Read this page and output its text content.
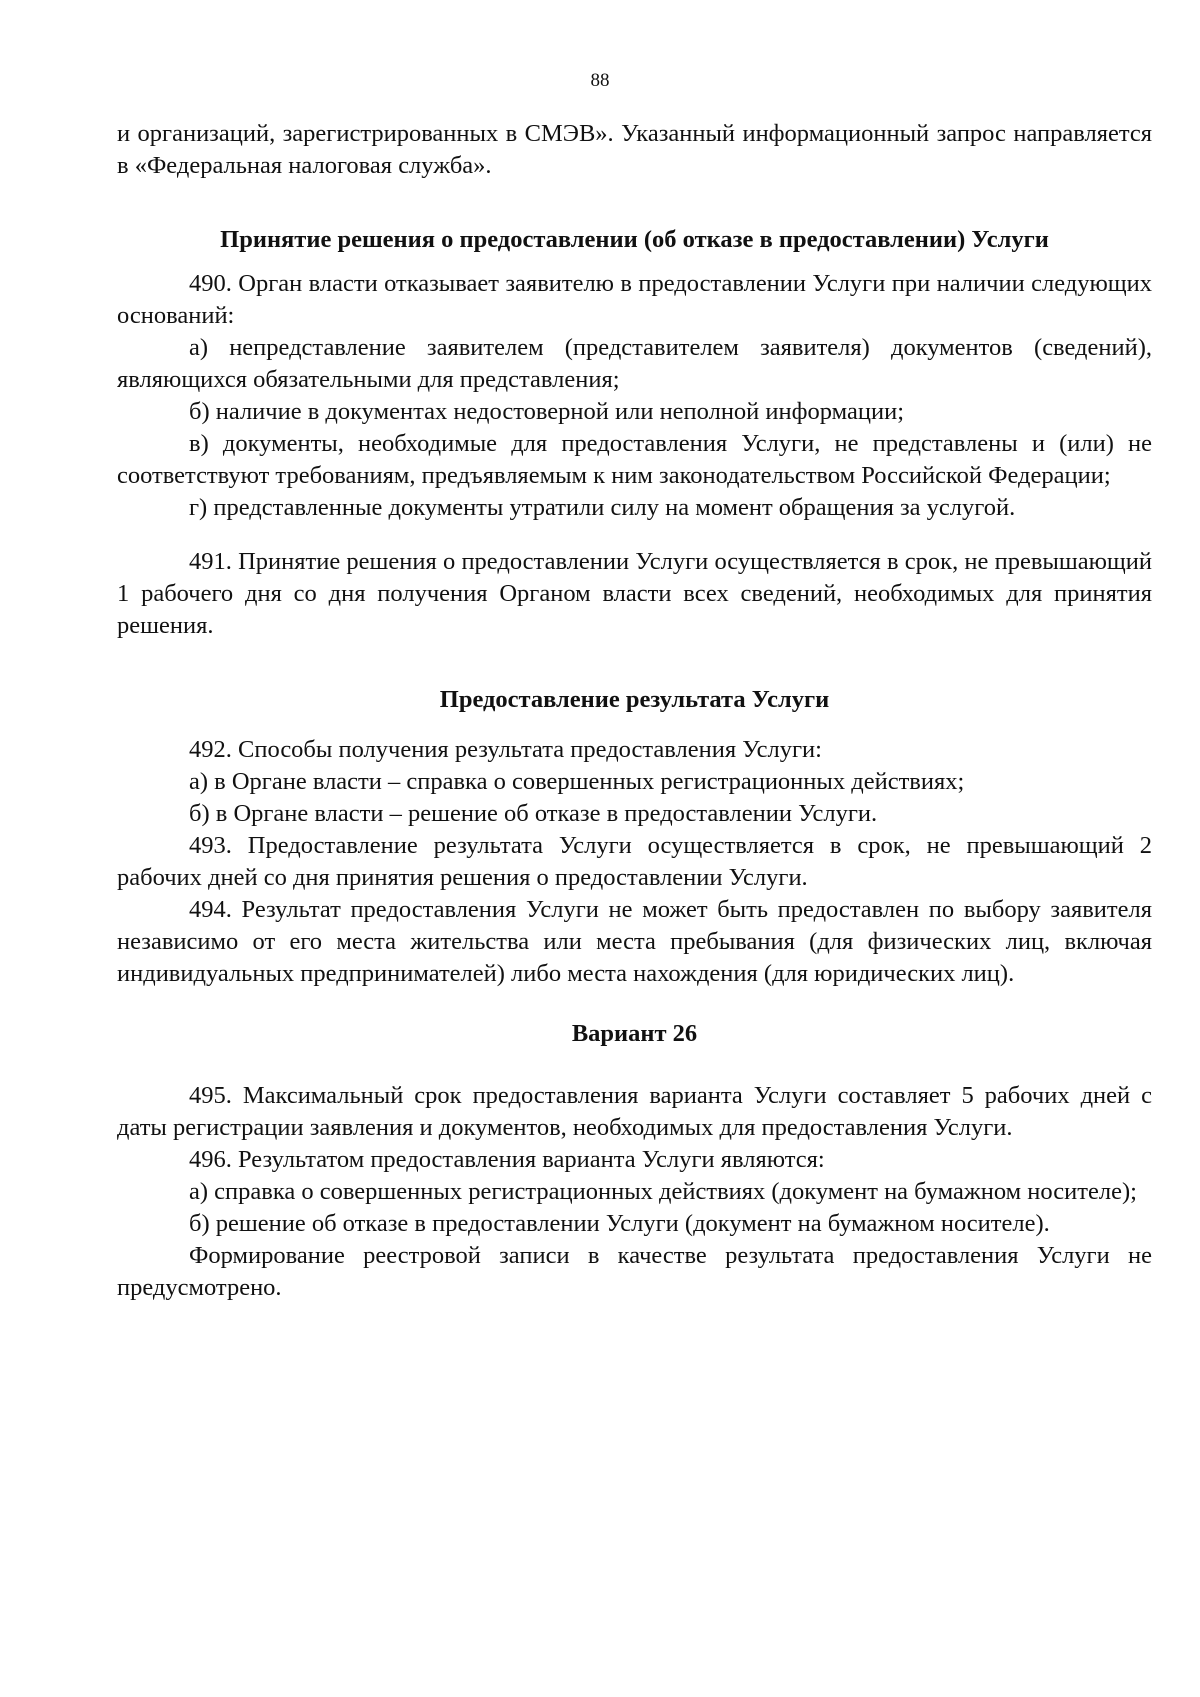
88

и организаций, зарегистрированных в СМЭВ». Указанный информационный запрос направляется в «Федеральная налоговая служба».

Принятие решения о предоставлении (об отказе в предоставлении) Услуги

490. Орган власти отказывает заявителю в предоставлении Услуги при наличии следующих оснований:

а) непредставление заявителем (представителем заявителя) документов (сведений), являющихся обязательными для представления;

б) наличие в документах недостоверной или неполной информации;

в) документы, необходимые для предоставления Услуги, не представлены и (или) не соответствуют требованиям, предъявляемым к ним законодательством Российской Федерации;

г) представленные документы утратили силу на момент обращения за услугой.

491. Принятие решения о предоставлении Услуги осуществляется в срок, не превышающий 1 рабочего дня со дня получения Органом власти всех сведений, необходимых для принятия решения.

Предоставление результата Услуги

492. Способы получения результата предоставления Услуги:

а) в Органе власти – справка о совершенных регистрационных действиях;

б) в Органе власти – решение об отказе в предоставлении Услуги.

493. Предоставление результата Услуги осуществляется в срок, не превышающий 2 рабочих дней со дня принятия решения о предоставлении Услуги.

494. Результат предоставления Услуги не может быть предоставлен по выбору заявителя независимо от его места жительства или места пребывания (для физических лиц, включая индивидуальных предпринимателей) либо места нахождения (для юридических лиц).

Вариант 26

495. Максимальный срок предоставления варианта Услуги составляет 5 рабочих дней с даты регистрации заявления и документов, необходимых для предоставления Услуги.

496. Результатом предоставления варианта Услуги являются:

а) справка о совершенных регистрационных действиях (документ на бумажном носителе);

б) решение об отказе в предоставлении Услуги (документ на бумажном носителе).

Формирование реестровой записи в качестве результата предоставления Услуги не предусмотрено.
